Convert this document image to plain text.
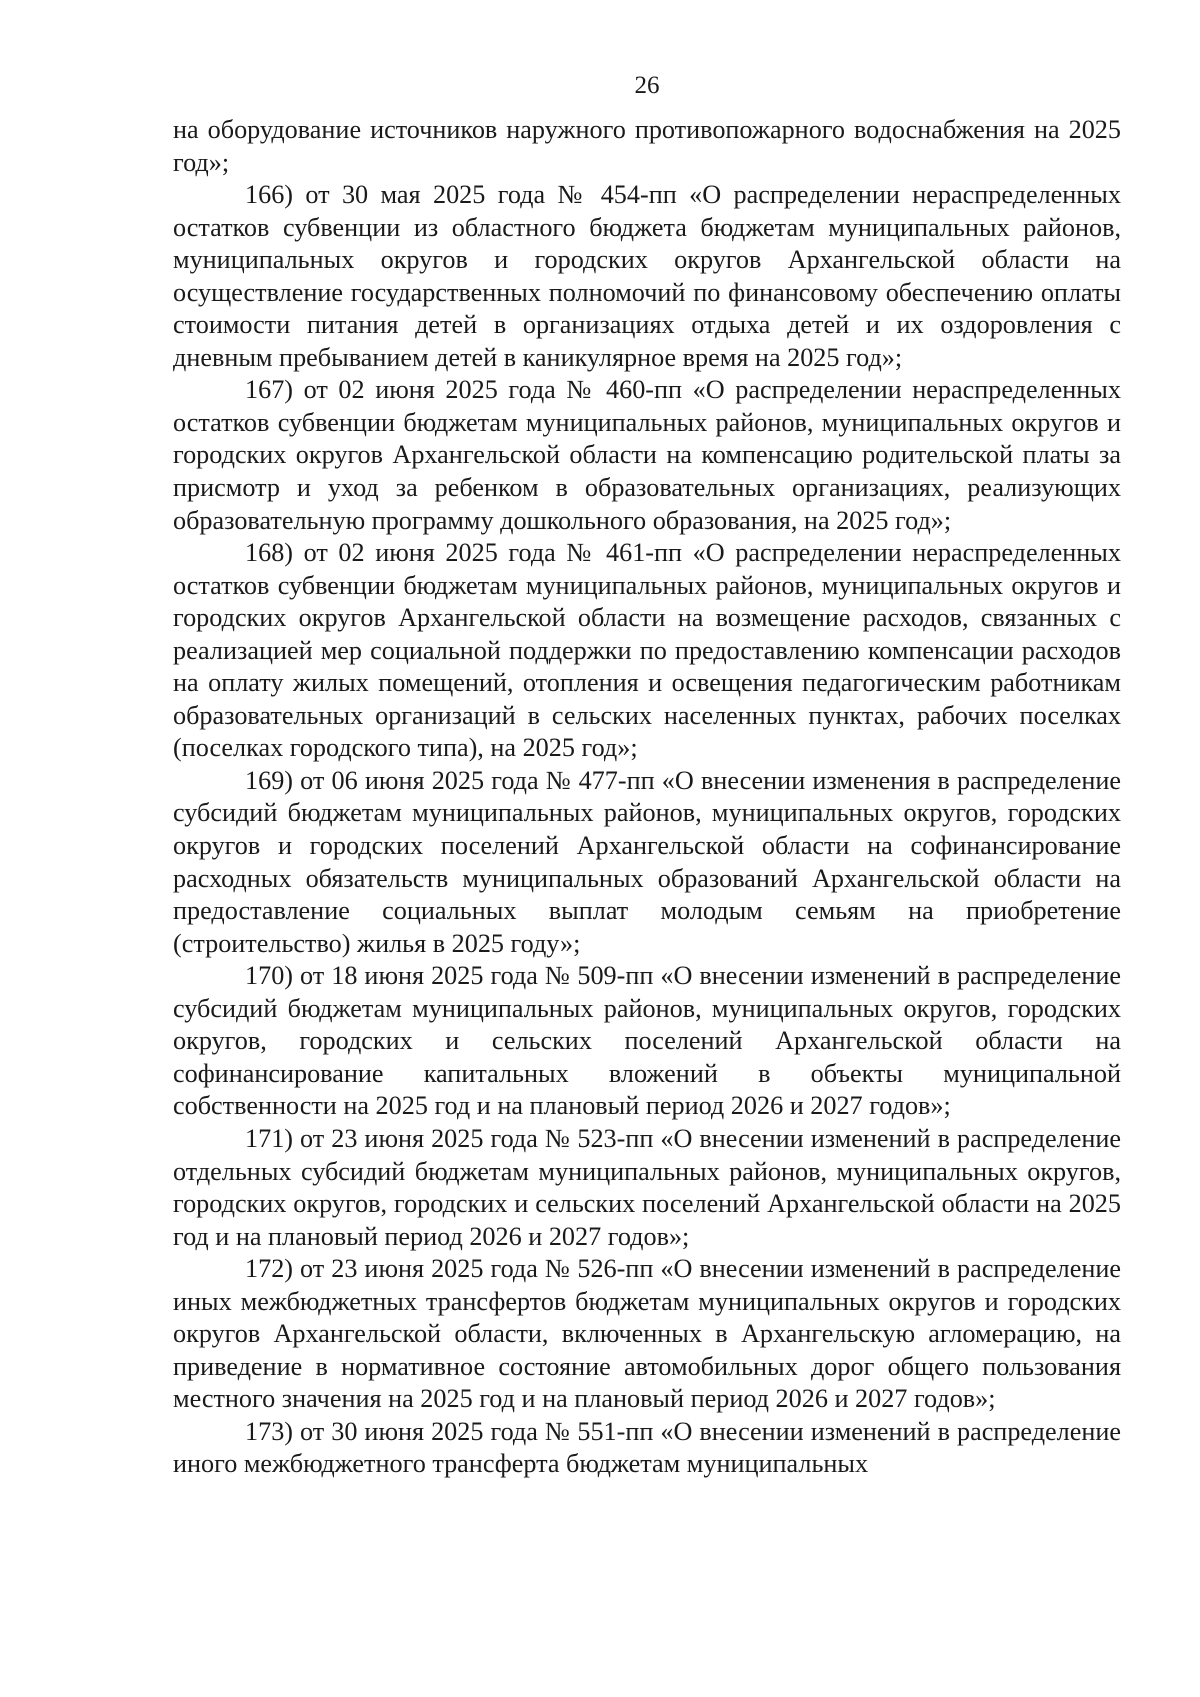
26

на оборудование источников наружного противопожарного водоснабжения на 2025 год»;

166) от 30 мая 2025 года № 454-пп «О распределении нераспределенных остатков субвенции из областного бюджета бюджетам муниципальных районов, муниципальных округов и городских округов Архангельской области на осуществление государственных полномочий по финансовому обеспечению оплаты стоимости питания детей в организациях отдыха детей и их оздоровления с дневным пребыванием детей в каникулярное время на 2025 год»;

167) от 02 июня 2025 года № 460-пп «О распределении нераспределенных остатков субвенции бюджетам муниципальных районов, муниципальных округов и городских округов Архангельской области на компенсацию родительской платы за присмотр и уход за ребенком в образовательных организациях, реализующих образовательную программу дошкольного образования, на 2025 год»;

168) от 02 июня 2025 года № 461-пп «О распределении нераспределенных остатков субвенции бюджетам муниципальных районов, муниципальных округов и городских округов Архангельской области на возмещение расходов, связанных с реализацией мер социальной поддержки по предоставлению компенсации расходов на оплату жилых помещений, отопления и освещения педагогическим работникам образовательных организаций в сельских населенных пунктах, рабочих поселках (поселках городского типа), на 2025 год»;

169) от 06 июня 2025 года № 477-пп «О внесении изменения в распределение субсидий бюджетам муниципальных районов, муниципальных округов, городских округов и городских поселений Архангельской области на софинансирование расходных обязательств муниципальных образований Архангельской области на предоставление социальных выплат молодым семьям на приобретение (строительство) жилья в 2025 году»;

170) от 18 июня 2025 года № 509-пп «О внесении изменений в распределение субсидий бюджетам муниципальных районов, муниципальных округов, городских округов, городских и сельских поселений Архангельской области на софинансирование капитальных вложений в объекты муниципальной собственности на 2025 год и на плановый период 2026 и 2027 годов»;

171) от 23 июня 2025 года № 523-пп «О внесении изменений в распределение отдельных субсидий бюджетам муниципальных районов, муниципальных округов, городских округов, городских и сельских поселений Архангельской области на 2025 год и на плановый период 2026 и 2027 годов»;

172) от 23 июня 2025 года № 526-пп «О внесении изменений в распределение иных межбюджетных трансфертов бюджетам муниципальных округов и городских округов Архангельской области, включенных в Архангельскую агломерацию, на приведение в нормативное состояние автомобильных дорог общего пользования местного значения на 2025 год и на плановый период 2026 и 2027 годов»;

173) от 30 июня 2025 года № 551-пп «О внесении изменений в распределение иного межбюджетного трансферта бюджетам муниципальных
